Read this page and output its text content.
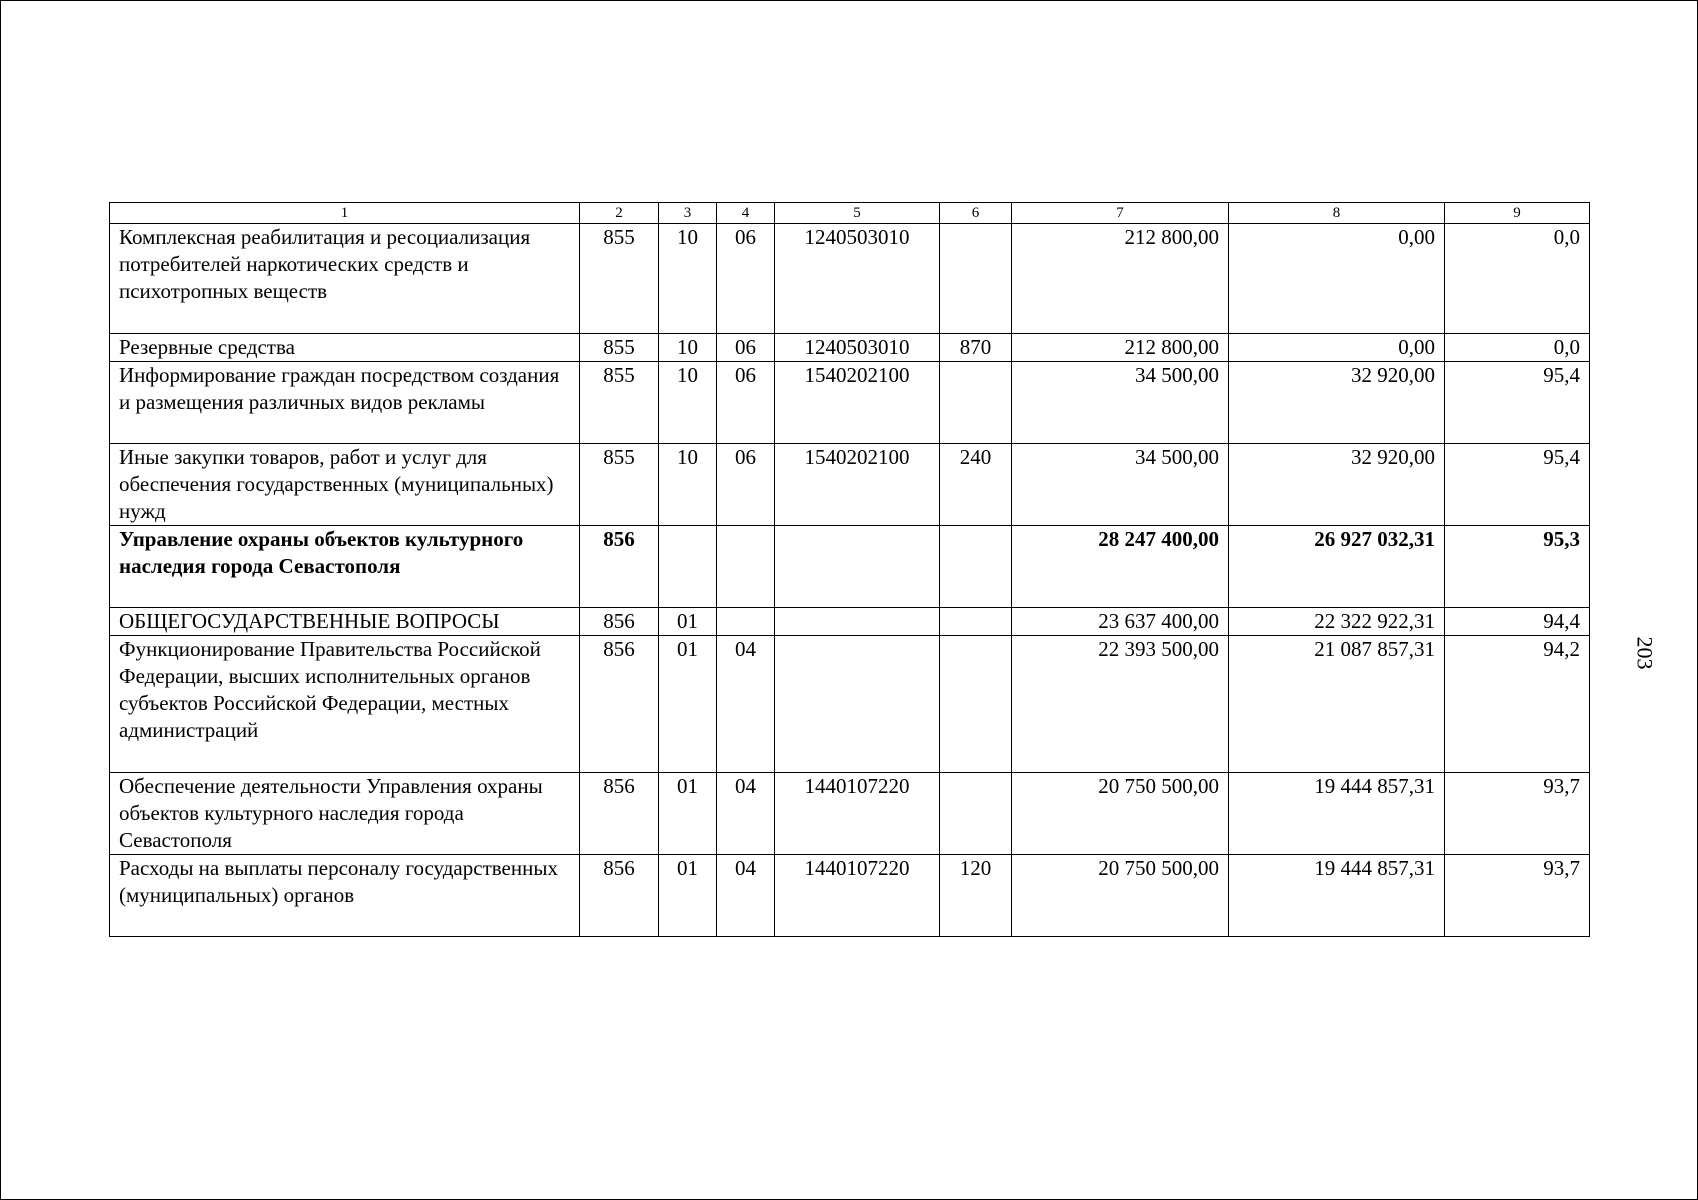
1	2	3	4	5	6	7	8	9
Комплексная реабилитация и ресоциализация потребителей наркотических средств и психотропных веществ	855	10	06	1240503010		212 800,00	0,00	0,0
Резервные средства	855	10	06	1240503010	870	212 800,00	0,00	0,0
Информирование граждан посредством создания и размещения различных видов рекламы	855	10	06	1540202100		34 500,00	32 920,00	95,4
Иные закупки товаров, работ и услуг для обеспечения государственных (муниципальных) нужд	855	10	06	1540202100	240	34 500,00	32 920,00	95,4
Управление охраны объектов культурного наследия города Севастополя	856					28 247 400,00	26 927 032,31	95,3
ОБЩЕГОСУДАРСТВЕННЫЕ ВОПРОСЫ	856	01				23 637 400,00	22 322 922,31	94,4
Функционирование Правительства Российской Федерации, высших исполнительных органов субъектов Российской Федерации, местных администраций	856	01	04			22 393 500,00	21 087 857,31	94,2
Обеспечение деятельности Управления охраны объектов культурного наследия города Севастополя	856	01	04	1440107220		20 750 500,00	19 444 857,31	93,7
Расходы на выплаты персоналу государственных (муниципальных) органов	856	01	04	1440107220	120	20 750 500,00	19 444 857,31	93,7
203
